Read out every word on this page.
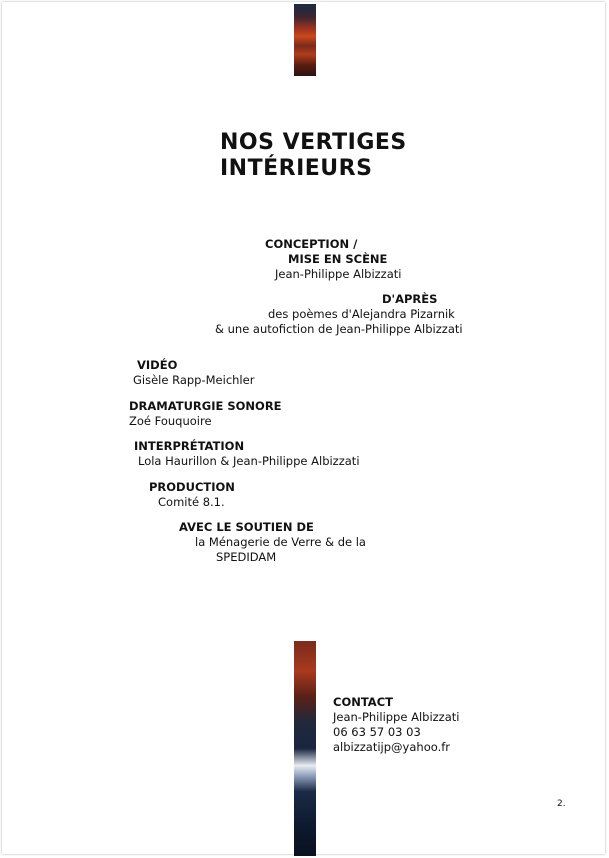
NOS VERTIGES
INTÉRIEURS
CONCEPTION /
MISE EN SCÈNE
Jean-Philippe Albizzati
D'APRÈS
des poèmes d'Alejandra Pizarnik
& une autofiction de Jean-Philippe Albizzati
VIDÉO
Gisèle Rapp-Meichler
DRAMATURGIE SONORE
Zoé Fouquoire
INTERPRÉTATION
Lola Haurillon & Jean-Philippe Albizzati
PRODUCTION
Comité 8.1.
AVEC LE SOUTIEN DE
la Ménagerie de Verre & de la
SPEDIDAM
CONTACT
Jean-Philippe Albizzati
06 63 57 03 03
albizzatijp@yahoo.fr
2.
